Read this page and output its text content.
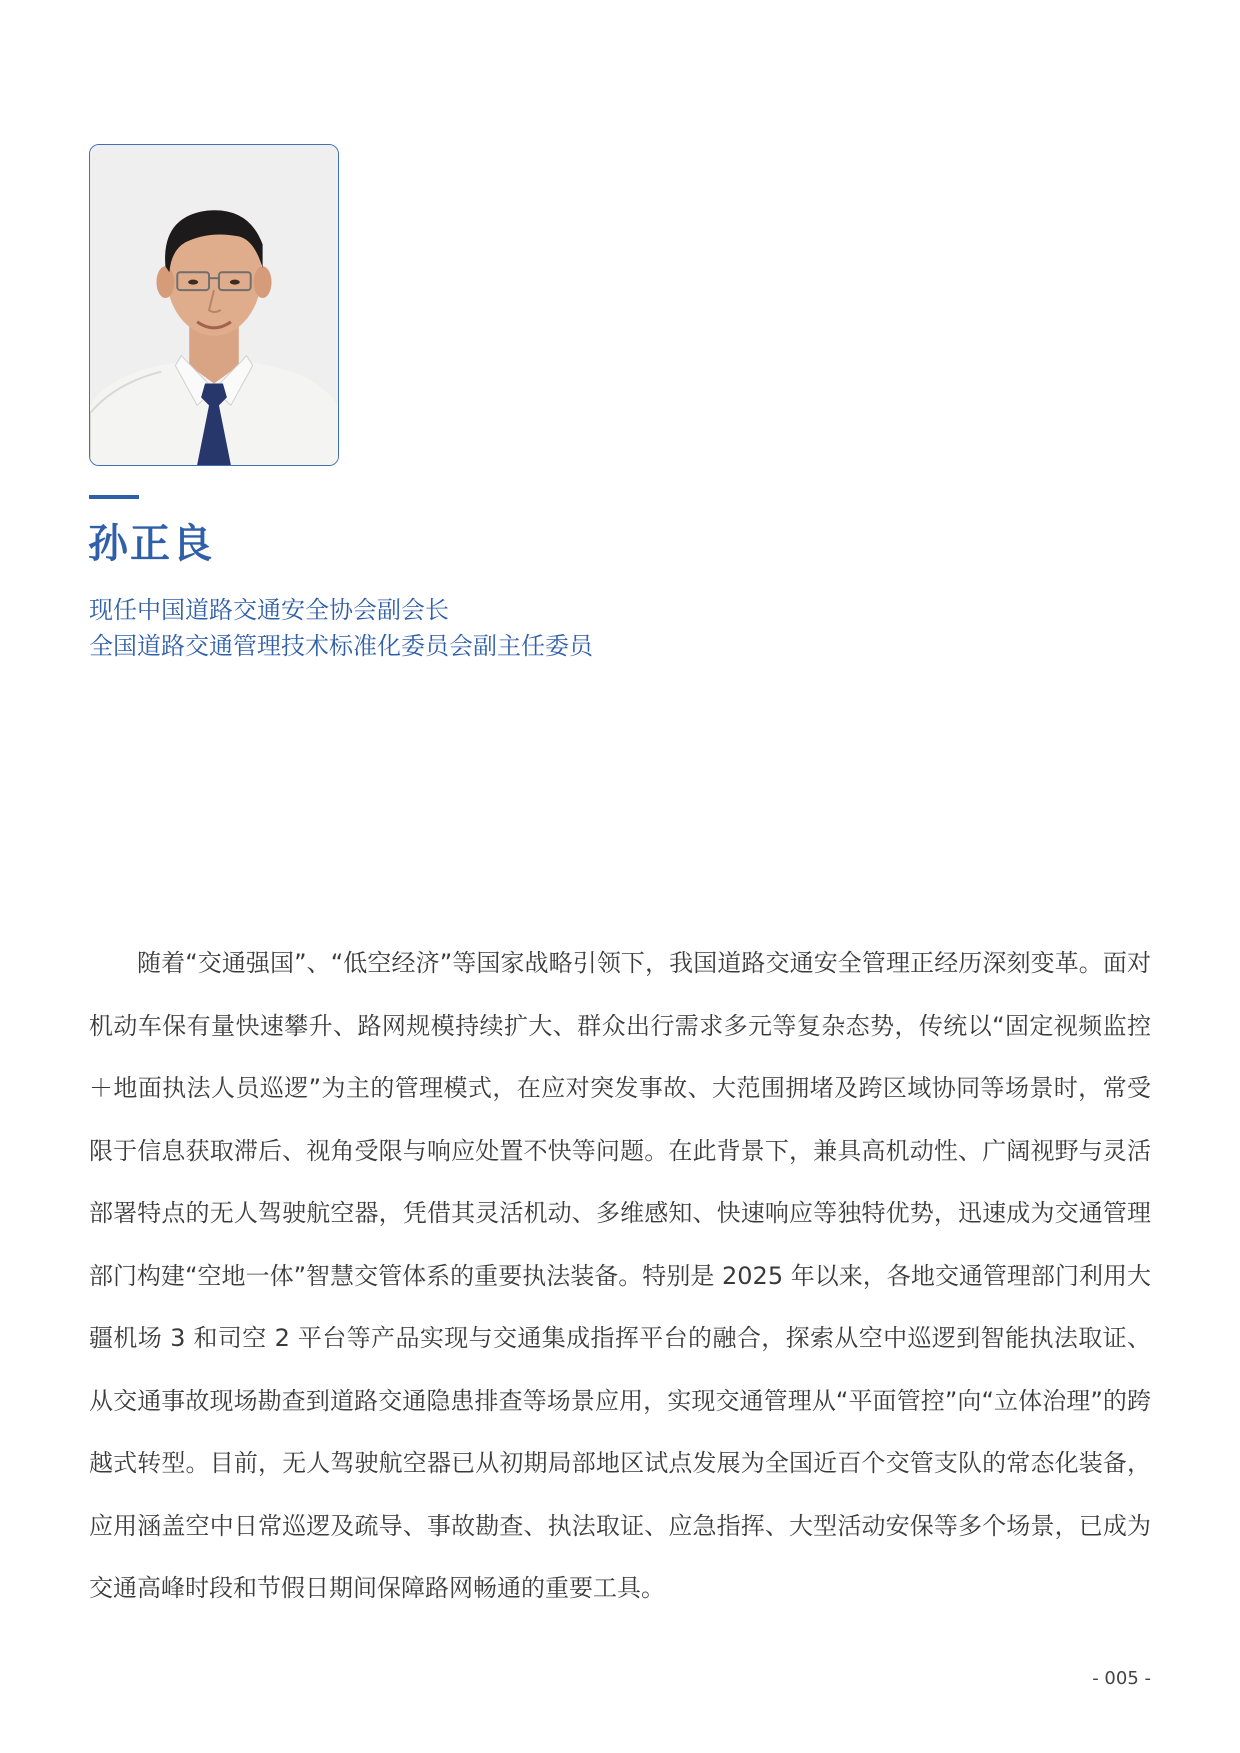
孙正良
现任中国道路交通安全协会副会长
全国道路交通管理技术标准化委员会副主任委员
随着“交通强国”、“低空经济”等国家战略引领下，我国道路交通安全管理正经历深刻变革。面对机动车保有量快速攀升、路网规模持续扩大、群众出行需求多元等复杂态势，传统以“固定视频监控＋地面执法人员巡逻”为主的管理模式，在应对突发事故、大范围拥堵及跨区域协同等场景时，常受限于信息获取滞后、视角受限与响应处置不快等问题。在此背景下，兼具高机动性、广阔视野与灵活部署特点的无人驾驶航空器，凭借其灵活机动、多维感知、快速响应等独特优势，迅速成为交通管理部门构建“空地一体”智慧交管体系的重要执法装备。特别是 2025 年以来，各地交通管理部门利用大疆机场 3 和司空 2 平台等产品实现与交通集成指挥平台的融合，探索从空中巡逻到智能执法取证、从交通事故现场勘查到道路交通隐患排查等场景应用，实现交通管理从“平面管控”向“立体治理”的跨越式转型。目前，无人驾驶航空器已从初期局部地区试点发展为全国近百个交管支队的常态化装备，应用涵盖空中日常巡逻及疏导、事故勘查、执法取证、应急指挥、大型活动安保等多个场景，已成为交通高峰时段和节假日期间保障路网畅通的重要工具。
- 005 -
